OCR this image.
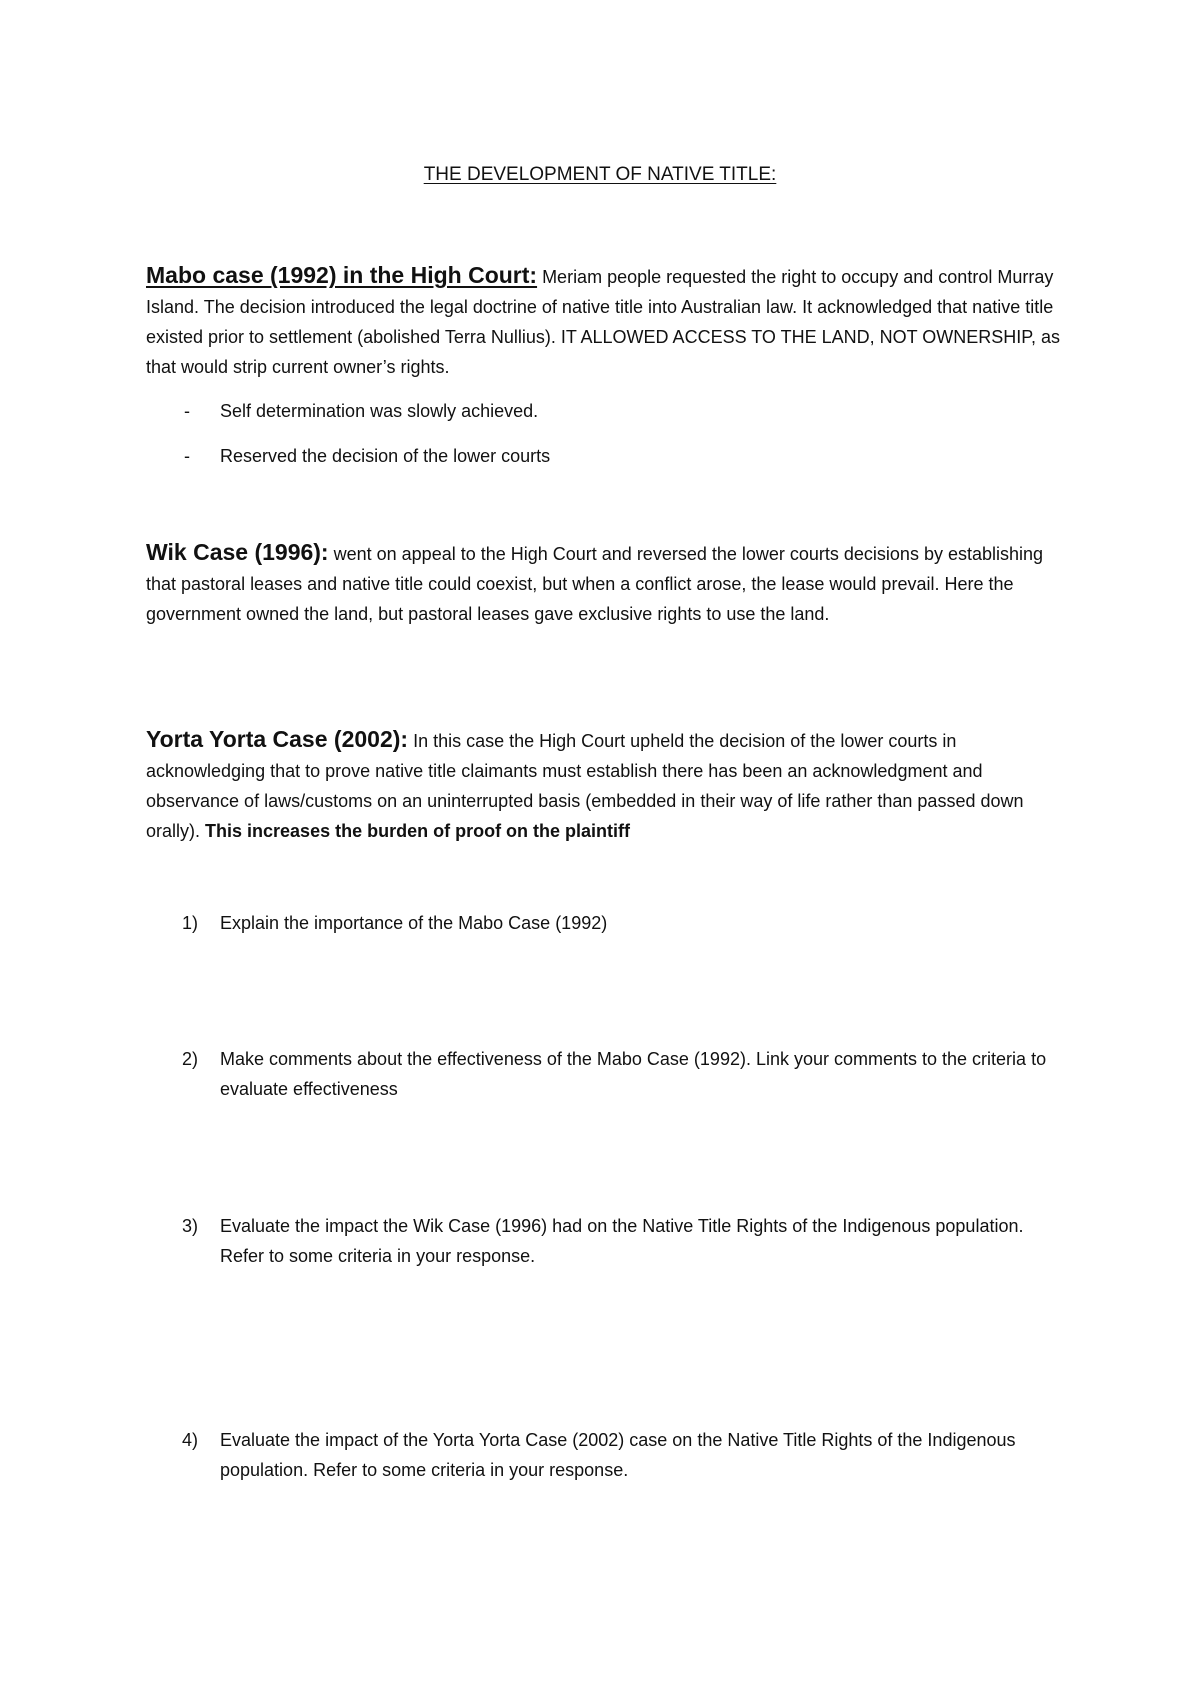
THE DEVELOPMENT OF NATIVE TITLE:

Mabo case (1992) in the High Court: Meriam people requested the right to occupy and control Murray Island. The decision introduced the legal doctrine of native title into Australian law. It acknowledged that native title existed prior to settlement (abolished Terra Nullius). IT ALLOWED ACCESS TO THE LAND, NOT OWNERSHIP, as that would strip current owner’s rights.

- Self determination was slowly achieved.
- Reserved the decision of the lower courts

Wik Case (1996): went on appeal to the High Court and reversed the lower courts decisions by establishing that pastoral leases and native title could coexist, but when a conflict arose, the lease would prevail. Here the government owned the land, but pastoral leases gave exclusive rights to use the land.

Yorta Yorta Case (2002): In this case the High Court upheld the decision of the lower courts in acknowledging that to prove native title claimants must establish there has been an acknowledgment and observance of laws/customs on an uninterrupted basis (embedded in their way of life rather than passed down orally). This increases the burden of proof on the plaintiff

1) Explain the importance of the Mabo Case (1992)
2) Make comments about the effectiveness of the Mabo Case (1992). Link your comments to the criteria to evaluate effectiveness
3) Evaluate the impact the Wik Case (1996) had on the Native Title Rights of the Indigenous population. Refer to some criteria in your response.
4) Evaluate the impact of the Yorta Yorta Case (2002) case on the Native Title Rights of the Indigenous population. Refer to some criteria in your response.
